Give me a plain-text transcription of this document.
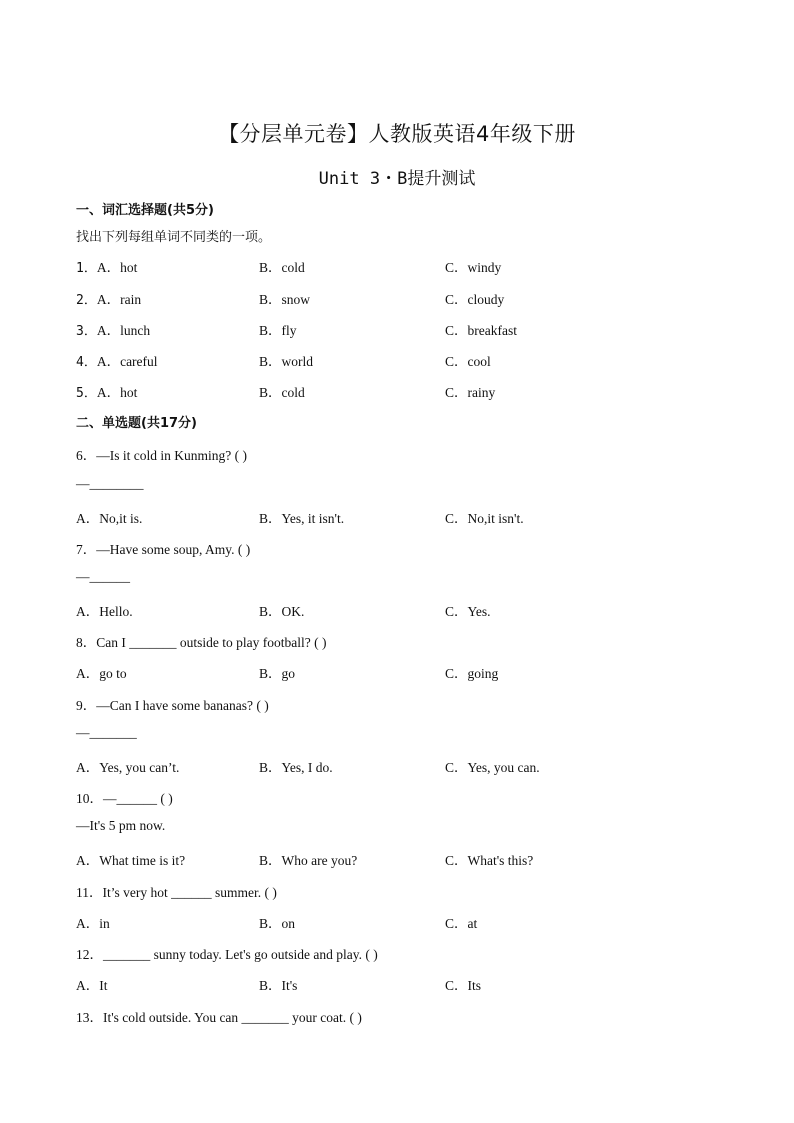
【分层单元卷】人教版英语4年级下册
Unit 3・B提升测试
一、词汇选择题(共5分)
找出下列每组单词不同类的一项。
1．A．hot	B．cold	C．windy
2．A．rain	B．snow	C．cloudy
3．A．lunch	B．fly	C．breakfast
4．A．careful	B．world	C．cool
5．A．hot	B．cold	C．rainy
二、单选题(共17分)
6．—Is it cold in Kunming? ( )
—________
A．No,it is.	B．Yes, it isn't.	C．No,it isn't.
7．—Have some soup, Amy. ( )
—______
A．Hello.	B．OK.	C．Yes.
8．Can I _______ outside to play football? ( )
A．go to	B．go	C．going
9．—Can I have some bananas? ( )
—_______
A．Yes, you can’t.	B．Yes, I do.	C．Yes, you can.
10．—______ ( )
—It's 5 pm now.
A．What time is it?	B．Who are you?	C．What's this?
11．It’s very hot ______ summer. ( )
A．in	B．on	C．at
12．_______ sunny today. Let's go outside and play. ( )
A．It	B．It's	C．Its
13．It's cold outside. You can _______ your coat. ( )
